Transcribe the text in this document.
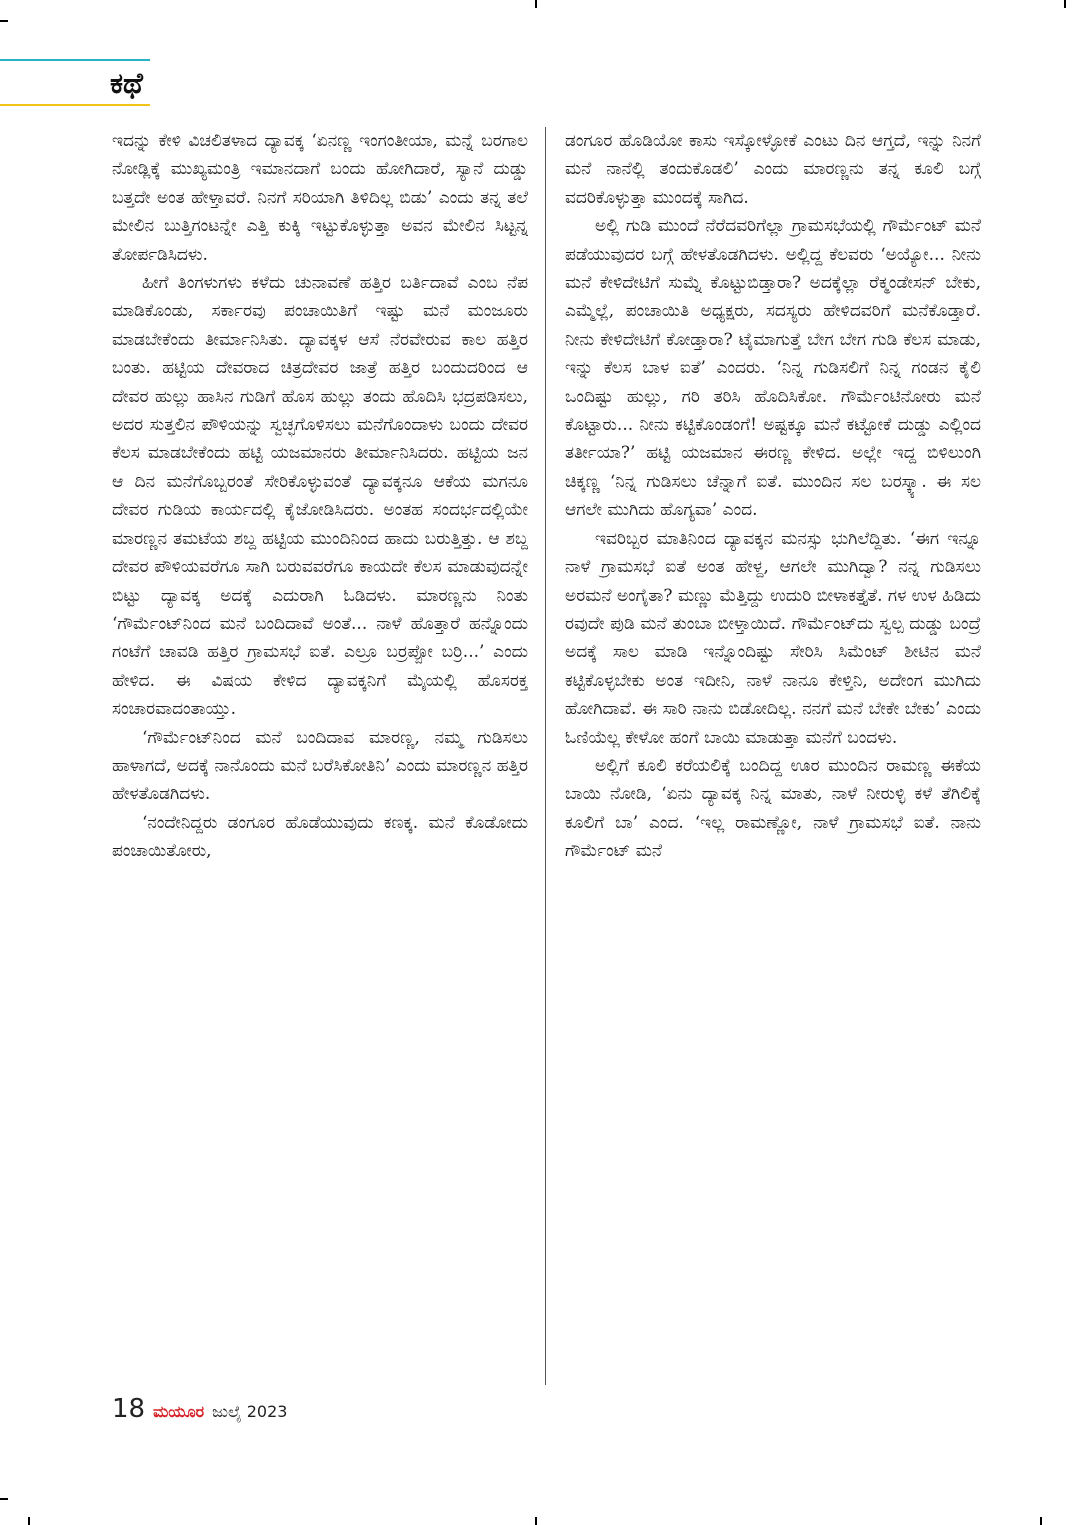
ಕಥೆ

ಇದನ್ನು ಕೇಳಿ ವಿಚಲಿತಳಾದ ದ್ಯಾವಕ್ಕ ‘ಏನಣ್ಣ ಇಂಗಂತೀಯಾ, ಮನ್ನೆ ಬರಗಾಲ ನೋಡ್ಲಿಕ್ಕೆ ಮುಖ್ಯಮಂತ್ರಿ ಇಮಾನದಾಗೆ ಬಂದು ಹೋಗಿದಾರೆ, ಸ್ಯಾನೆ ದುಡ್ಡು ಬತ್ತದೇ ಅಂತ ಹೇಳ್ತಾವರೆ. ನಿನಗೆ ಸರಿಯಾಗಿ ತಿಳಿದಿಲ್ಲ ಬಿಡು’ ಎಂದು ತನ್ನ ತಲೆ ಮೇಲಿನ ಬುತ್ತಿಗಂಟನ್ನೇ ಎತ್ತಿ ಕುಕ್ಕಿ ಇಟ್ಟುಕೊಳ್ಳುತ್ತಾ ಅವನ ಮೇಲಿನ ಸಿಟ್ಟನ್ನ ತೋರ್ಪಡಿಸಿದಳು.

ಹೀಗೆ ತಿಂಗಳುಗಳು ಕಳೆದು ಚುನಾವಣೆ ಹತ್ತಿರ ಬರ್ತಿದಾವೆ ಎಂಬ ನೆಪ ಮಾಡಿಕೊಂಡು, ಸರ್ಕಾರವು ಪಂಚಾಯಿತಿಗೆ ಇಷ್ಟು ಮನೆ ಮಂಜೂರು ಮಾಡಬೇಕೆಂದು ತೀರ್ಮಾನಿಸಿತು. ದ್ಯಾವಕ್ಕಳ ಆಸೆ ನೆರವೇರುವ ಕಾಲ ಹತ್ತಿರ ಬಂತು. ಹಟ್ಟಿಯ ದೇವರಾದ ಚಿತ್ರದೇವರ ಜಾತ್ರೆ ಹತ್ತಿರ ಬಂದುದರಿಂದ ಆ ದೇವರ ಹುಲ್ಲು ಹಾಸಿನ ಗುಡಿಗೆ ಹೊಸ ಹುಲ್ಲು ತಂದು ಹೊದಿಸಿ ಭದ್ರಪಡಿಸಲು, ಅದರ ಸುತ್ತಲಿನ ಪೌಳಿಯನ್ನು ಸ್ವಚ್ಛಗೊಳಿಸಲು ಮನೆಗೊಂದಾಳು ಬಂದು ದೇವರ ಕೆಲಸ ಮಾಡಬೇಕೆಂದು ಹಟ್ಟಿ ಯಜಮಾನರು ತೀರ್ಮಾನಿಸಿದರು. ಹಟ್ಟಿಯ ಜನ ಆ ದಿನ ಮನೆಗೊಬ್ಬರಂತೆ ಸೇರಿಕೊಳ್ಳುವಂತೆ ದ್ಯಾವಕ್ಕನೂ ಆಕೆಯ ಮಗನೂ ದೇವರ ಗುಡಿಯ ಕಾರ್ಯದಲ್ಲಿ ಕೈಜೋಡಿಸಿದರು. ಅಂತಹ ಸಂದರ್ಭದಲ್ಲಿಯೇ ಮಾರಣ್ಣನ ತಮಟೆಯ ಶಬ್ದ ಹಟ್ಟಿಯ ಮುಂದಿನಿಂದ ಹಾದು ಬರುತ್ತಿತ್ತು. ಆ ಶಬ್ದ ದೇವರ ಪೌಳಿಯವರೆಗೂ ಸಾಗಿ ಬರುವವರೆಗೂ ಕಾಯದೇ ಕೆಲಸ ಮಾಡುವುದನ್ನೇ ಬಿಟ್ಟು ದ್ಯಾವಕ್ಕ ಅದಕ್ಕೆ ಎದುರಾಗಿ ಓಡಿದಳು. ಮಾರಣ್ಣನು ನಿಂತು ‘ಗೌರ್ಮೆಂಟ್‌ನಿಂದ ಮನೆ ಬಂದಿದಾವೆ ಅಂತೆ... ನಾಳೆ ಹೊತ್ತಾರೆ ಹನ್ನೊಂದು ಗಂಟೆಗೆ ಚಾವಡಿ ಹತ್ತಿರ ಗ್ರಾಮಸಭೆ ಐತೆ. ಎಲ್ರೂ ಬರ್ರಪ್ಪೋ ಬರ್ರಿ...’ ಎಂದು ಹೇಳಿದ. ಈ ವಿಷಯ ಕೇಳಿದ ದ್ಯಾವಕ್ಕನಿಗೆ ಮೈಯಲ್ಲಿ ಹೊಸರಕ್ತ ಸಂಚಾರವಾದಂತಾಯ್ತು.

‘ಗೌರ್ಮೆಂಟ್‌ನಿಂದ ಮನೆ ಬಂದಿದಾವ ಮಾರಣ್ಣ, ನಮ್ಮ ಗುಡಿಸಲು ಹಾಳಾಗದೆ, ಅದಕ್ಕೆ ನಾನೊಂದು ಮನೆ ಬರೆಸಿಕೋತಿನಿ’ ಎಂದು ಮಾರಣ್ಣನ ಹತ್ತಿರ ಹೇಳತೊಡಗಿದಳು.

‘ನಂದೇನಿದ್ದರು ಡಂಗೂರ ಹೊಡೆಯುವುದು ಕಣಕ್ಕ. ಮನೆ ಕೊಡೋದು ಪಂಚಾಯಿತೋರು,

ಡಂಗೂರ ಹೊಡಿಯೋ ಕಾಸು ಇಸ್ಕೋಳ್ಳೋಕೆ ಎಂಟು ದಿನ ಆಗ್ತದೆ, ಇನ್ನು ನಿನಗೆ ಮನೆ ನಾನೆಲ್ಲಿ ತಂದುಕೊಡಲಿ’ ಎಂದು ಮಾರಣ್ಣನು ತನ್ನ ಕೂಲಿ ಬಗ್ಗೆ ವದರಿಕೊಳ್ಳುತ್ತಾ ಮುಂದಕ್ಕೆ ಸಾಗಿದ.

ಅಲ್ಲಿ ಗುಡಿ ಮುಂದೆ ನೆರೆದವರಿಗೆಲ್ಲಾ ಗ್ರಾಮಸಭೆಯಲ್ಲಿ ಗೌರ್ಮೆಂಟ್ ಮನೆ ಪಡೆಯುವುದರ ಬಗ್ಗೆ ಹೇಳತೊಡಗಿದಳು. ಅಲ್ಲಿದ್ದ ಕೆಲವರು ‘ಅಯ್ಯೋ... ನೀನು ಮನೆ ಕೇಳಿದೇಟಿಗೆ ಸುಮ್ನೆ ಕೊಟ್ಟುಬಿಡ್ತಾರಾ? ಅದಕ್ಕೆಲ್ಲಾ ರೆಕ್ಮಂಡೇಸನ್ ಬೇಕು, ಎಮ್ಮೆಲ್ಲೆ, ಪಂಚಾಯಿತಿ ಅಧ್ಯಕ್ಷರು, ಸದಸ್ಯರು ಹೇಳಿದವರಿಗೆ ಮನೆಕೊಡ್ತಾರೆ. ನೀನು ಕೇಳಿದೇಟಿಗೆ ಕೋಡ್ತಾರಾ? ಟೈಮಾಗುತ್ತೆ ಬೇಗ ಬೇಗ ಗುಡಿ ಕೆಲಸ ಮಾಡು, ಇನ್ನು ಕೆಲಸ ಬಾಳ ಐತೆ’ ಎಂದರು. ‘ನಿನ್ನ ಗುಡಿಸಲಿಗೆ ನಿನ್ನ ಗಂಡನ ಕೈಲಿ ಒಂದಿಷ್ಟು ಹುಲ್ಲು, ಗರಿ ತರಿಸಿ ಹೊದಿಸಿಕೋ. ಗೌರ್ಮೆಂಟಿನೋರು ಮನೆ ಕೊಟ್ಟಾರು... ನೀನು ಕಟ್ಟಿಕೊಂಡಂಗೆ! ಅಷ್ಟಕ್ಕೂ ಮನೆ ಕಟ್ಟೋಕೆ ದುಡ್ಡು ಎಲ್ಲಿಂದ ತರ್ತೀಯಾ?’ ಹಟ್ಟಿ ಯಜಮಾನ ಈರಣ್ಣ ಕೇಳಿದ. ಅಲ್ಲೇ ಇದ್ದ ಬಿಳಿಲುಂಗಿ ಚಿಕ್ಕಣ್ಣ ‘ನಿನ್ನ ಗುಡಿಸಲು ಚೆನ್ನಾಗೆ ಐತೆ. ಮುಂದಿನ ಸಲ ಬರಸ್ಕ್ಯಾ. ಈ ಸಲ ಆಗಲೇ ಮುಗಿದು ಹೊಗ್ಯವಾ’ ಎಂದ.

ಇವರಿಬ್ಬರ ಮಾತಿನಿಂದ ದ್ಯಾವಕ್ಕನ ಮನಸ್ಸು ಭುಗಿಲೆದ್ದಿತು. ‘ಈಗ ಇನ್ನೂ ನಾಳೆ ಗ್ರಾಮಸಭೆ ಐತೆ ಅಂತ ಹೇಳ್ದ, ಆಗಲೇ ಮುಗಿದ್ವಾ? ನನ್ನ ಗುಡಿಸಲು ಅರಮನೆ ಅಂಗೈತಾ? ಮಣ್ಣು ಮೆತ್ತಿದ್ದು ಉದುರಿ ಬೀಳಾಕತ್ತೈತೆ. ಗಳ ಉಳ ಹಿಡಿದು ರವುದೇ ಪುಡಿ ಮನೆ ತುಂಬಾ ಬೀಳ್ತಾಯಿದೆ. ಗೌರ್ಮೆಂಟ್‌ದು ಸ್ವಲ್ಪ ದುಡ್ಡು ಬಂದ್ರೆ ಅದಕ್ಕೆ ಸಾಲ ಮಾಡಿ ಇನ್ನೊಂದಿಷ್ಟು ಸೇರಿಸಿ ಸಿಮೆಂಟ್ ಶೀಟಿನ ಮನೆ ಕಟ್ಟಿಕೊಳ್ಳಬೇಕು ಅಂತ ಇದೀನಿ, ನಾಳೆ ನಾನೂ ಕೇಳ್ತಿನಿ, ಅದೇಂಗ ಮುಗಿದು ಹೋಗಿದಾವೆ. ಈ ಸಾರಿ ನಾನು ಬಿಡೋದಿಲ್ಲ. ನನಗೆ ಮನೆ ಬೇಕೇ ಬೇಕು’ ಎಂದು ಓಣಿಯೆಲ್ಲ ಕೇಳೋ ಹಂಗೆ ಬಾಯಿ ಮಾಡುತ್ತಾ ಮನೆಗೆ ಬಂದಳು.

ಅಲ್ಲಿಗೆ ಕೂಲಿ ಕರೆಯಲಿಕ್ಕೆ ಬಂದಿದ್ದ ಊರ ಮುಂದಿನ ರಾಮಣ್ಣ ಈಕೆಯ ಬಾಯಿ ನೋಡಿ, ‘ಏನು ದ್ಯಾವಕ್ಕ ನಿನ್ನ ಮಾತು, ನಾಳೆ ನೀರುಳ್ಳಿ ಕಳೆ ತೆಗಿಲಿಕ್ಕೆ ಕೂಲಿಗೆ ಬಾ’ ಎಂದ. ‘ಇಲ್ಲ ರಾಮಣ್ಣೋ, ನಾಳೆ ಗ್ರಾಮಸಭೆ ಐತೆ. ನಾನು ಗೌರ್ಮೆಂಟ್ ಮನೆ

18 ಮಯೂರ ಜುಲೈ 2023
